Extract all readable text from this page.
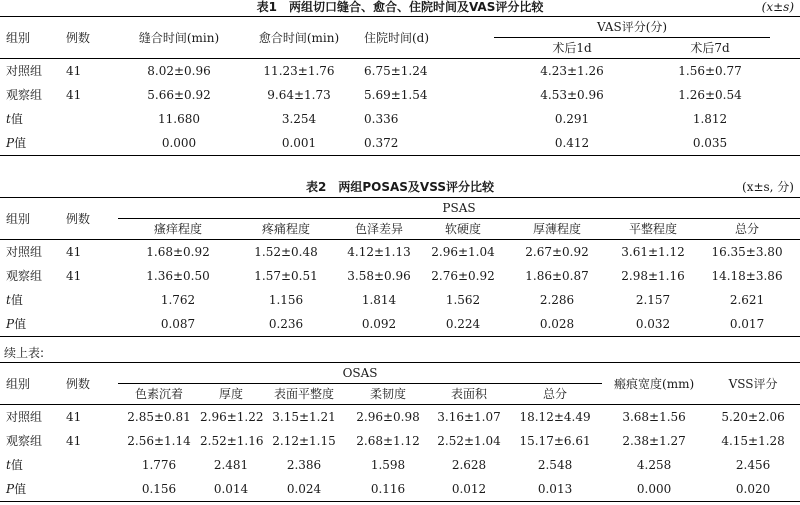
表1　两组切口缝合、愈合、住院时间及VAS评分比较	(x±s)
组别	例数	缝合时间(min)	愈合时间(min)	住院时间(d)	VAS评分(分)		
					术后1d	术后7d	
对照组	41	8.02±0.96	11.23±1.76	6.75±1.24	4.23±1.26	1.56±0.77	
观察组	41	5.66±0.92	9.64±1.73	5.69±1.54	4.53±0.96	1.26±0.54	
t值		11.680	3.254	0.336	0.291	1.812	
P值		0.000	0.001	0.372	0.412	0.035	
表2　两组POSAS及VSS评分比较	(x±s, 分)
组别	例数	PSAS						
		瘙痒程度	疼痛程度	色泽差异	软硬度	厚薄程度	平整程度	总分
对照组	41	1.68±0.92	1.52±0.48	4.12±1.13	2.96±1.04	2.67±0.92	3.61±1.12	16.35±3.80
观察组	41	1.36±0.50	1.57±0.51	3.58±0.96	2.76±0.92	1.86±0.87	2.98±1.16	14.18±3.86
t值		1.762	1.156	1.814	1.562	2.286	2.157	2.621
P值		0.087	0.236	0.092	0.224	0.028	0.032	0.017
续上表:
组别	例数	OSAS						瘢痕宽度(mm)	VSS评分
		色素沉着	厚度	表面平整度	柔韧度	表面积	总分		
对照组	41	2.85±0.81	2.96±1.22	3.15±1.21	2.96±0.98	3.16±1.07	18.12±4.49	3.68±1.56	5.20±2.06
观察组	41	2.56±1.14	2.52±1.16	2.12±1.15	2.68±1.12	2.52±1.04	15.17±6.61	2.38±1.27	4.15±1.28
t值		1.776	2.481	2.386	1.598	2.628	2.548	4.258	2.456
P值		0.156	0.014	0.024	0.116	0.012	0.013	0.000	0.020
